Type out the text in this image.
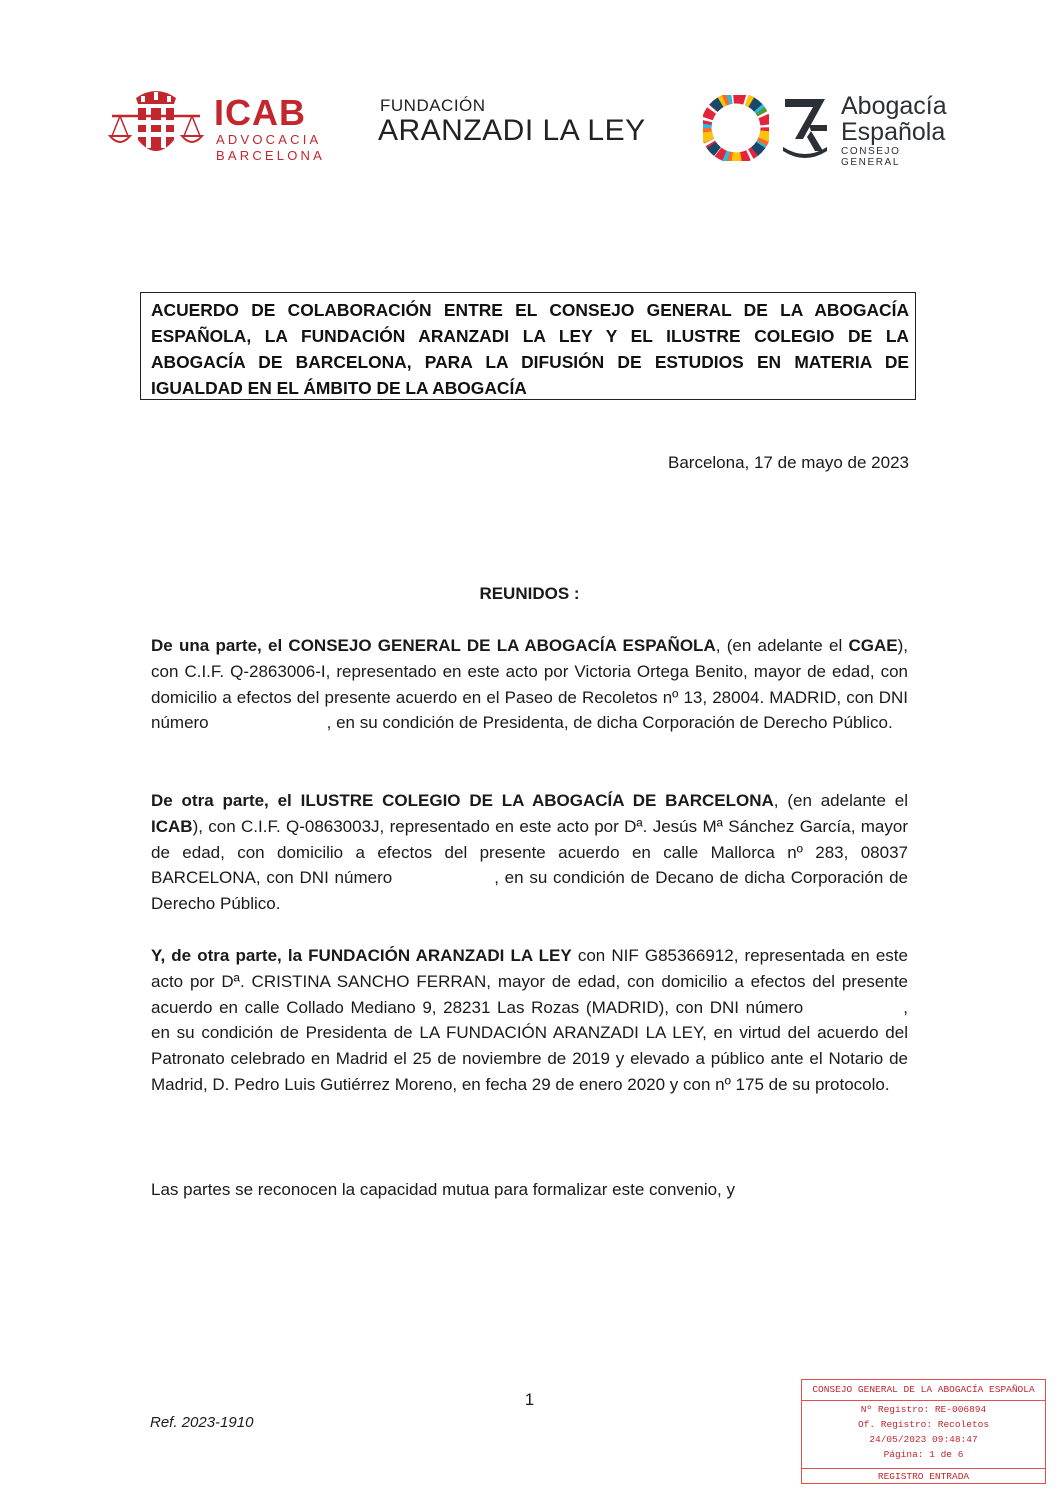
ICAB
ADVOCACIA
BARCELONA
FUNDACIÓN
ARANZADI LA LEY
Abogacía
Española
CONSEJO GENERAL
ACUERDO DE COLABORACIÓN ENTRE EL CONSEJO GENERAL DE LA ABOGACÍA ESPAÑOLA, LA FUNDACIÓN ARANZADI LA LEY Y EL ILUSTRE COLEGIO DE LA ABOGACÍA DE BARCELONA, PARA LA DIFUSIÓN DE ESTUDIOS EN MATERIA DE IGUALDAD EN EL ÁMBITO DE LA ABOGACÍA
Barcelona, 17 de mayo de 2023
REUNIDOS :
De una parte, el CONSEJO GENERAL DE LA ABOGACÍA ESPAÑOLA, (en adelante el CGAE), con C.I.F. Q-2863006-I, representado en este acto por Victoria Ortega Benito, mayor de edad, con domicilio a efectos del presente acuerdo en el Paseo de Recoletos nº 13, 28004. MADRID, con DNI número	, en su condición de Presidenta, de dicha Corporación de Derecho Público.
De otra parte, el ILUSTRE COLEGIO DE LA ABOGACÍA DE BARCELONA, (en adelante el ICAB), con C.I.F. Q-0863003J, representado en este acto por Dª. Jesús Mª Sánchez García, mayor de edad, con domicilio a efectos del presente acuerdo en calle Mallorca nº 283, 08037 BARCELONA, con DNI número	, en su condición de Decano de dicha Corporación de Derecho Público.
Y, de otra parte, la FUNDACIÓN ARANZADI LA LEY con NIF G85366912, representada en este acto por Dª. CRISTINA SANCHO FERRAN, mayor de edad, con domicilio a efectos del presente acuerdo en calle Collado Mediano 9, 28231 Las Rozas (MADRID), con DNI número	, en su condición de Presidenta de LA FUNDACIÓN ARANZADI LA LEY, en virtud del acuerdo del Patronato celebrado en Madrid el 25 de noviembre de 2019 y elevado a público ante el Notario de Madrid, D. Pedro Luis Gutiérrez Moreno, en fecha 29 de enero 2020 y con nº 175 de su protocolo.
Las partes se reconocen la capacidad mutua para formalizar este convenio, y
1
Ref. 2023-1910
CONSEJO GENERAL DE LA ABOGACÍA ESPAÑOLA
Nº Registro: RE-006894
Of. Registro: Recoletos
24/05/2023 09:48:47
Página: 1 de 6
REGISTRO ENTRADA
